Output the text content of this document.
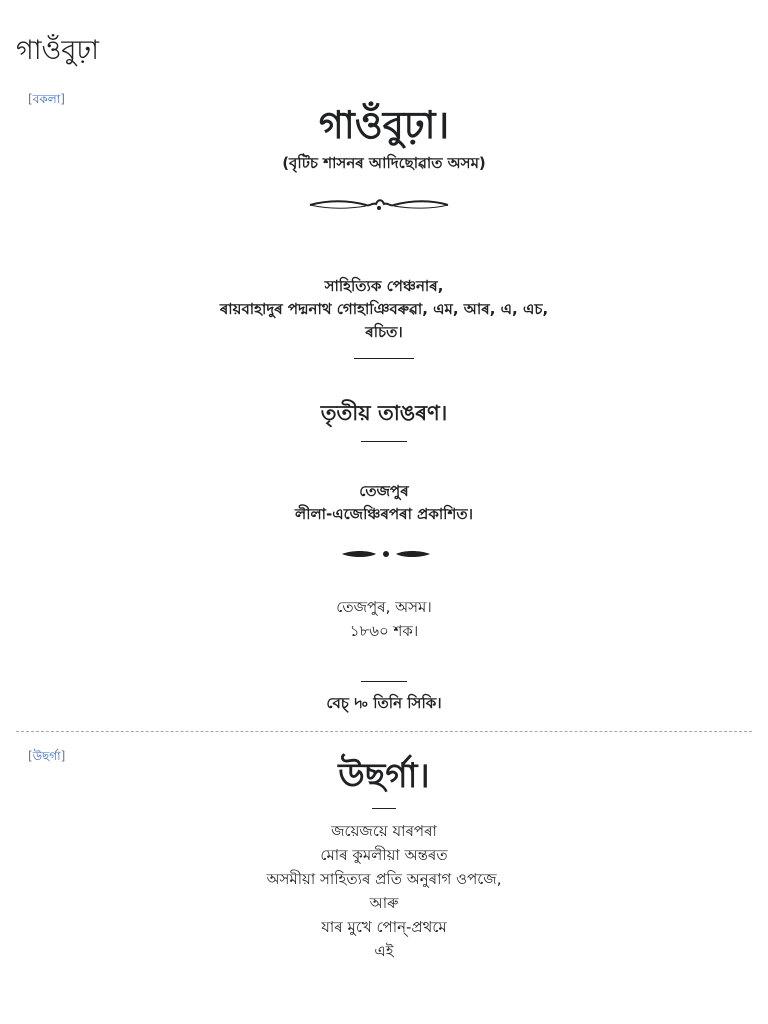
গাওঁবুঢ়া
[বকলা]
গাওঁবুঢ়া।
(বৃটিচ শাসনৰ আদিছোৱাত অসম)
সাহিত্যিক পেঞ্চনাৰ,
ৰায়বাহাদুৰ পদ্মনাথ গোহাঞিবৰুৱা, এম, আৰ, এ, এচ,
ৰচিত।
তৃতীয় তাঙৰণ।
তেজপুৰ
লীলা-এজেঞ্চিৰপৰা প্ৰকাশিত।
তেজপুৰ, অসম।
১৮৬০ শক।
বেচ্ ৸৹ তিনি সিকি।
[উছৰ্গা]	উছৰ্গা।
জয়েজয়ে যাৰপৰা
মোৰ কুমলীয়া অন্তৰত
অসমীয়া সাহিত্যৰ প্ৰতি অনুৰাগ ওপজে,
আৰু
যাৰ মুখে পোন্-প্ৰথমে
এই
